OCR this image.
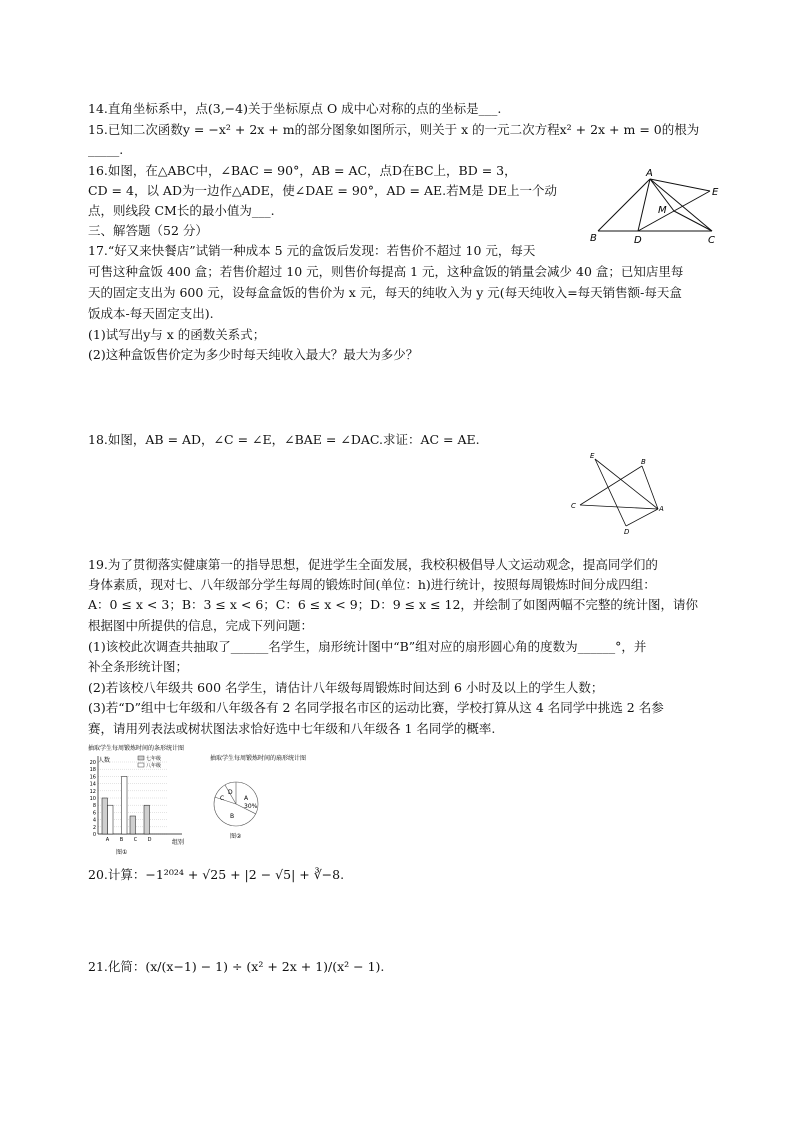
14.直角坐标系中，点(3,−4)关于坐标原点 O 成中心对称的点的坐标是___.
15.已知二次函数y = −x² + 2x + m的部分图象如图所示，则关于 x 的一元二次方程x² + 2x + m = 0的根为
_____.
16.如图，在△ABC中，∠BAC = 90°，AB = AC，点D在BC上，BD = 3，
CD = 4，以 AD为一边作△ADE，使∠DAE = 90°，AD = AE.若M是 DE上一个动
点，则线段 CM长的最小值为___.
A
B	C
D
E
M
三、解答题（52 分）
17.“好又来快餐店”试销一种成本 5 元的盒饭后发现：若售价不超过 10 元，每天
可售这种盒饭 400 盒；若售价超过 10 元，则售价每提高 1 元，这种盒饭的销量会减少 40 盒；已知店里每
天的固定支出为 600 元，设每盒盒饭的售价为 x 元，每天的纯收入为 y 元(每天纯收入=每天销售额-每天盒
饭成本-每天固定支出).
(1)试写出y与 x 的函数关系式；
(2)这种盒饭售价定为多少时每天纯收入最大？最大为多少？
18.如图，AB = AD，∠C = ∠E，∠BAE = ∠DAC.求证：AC = AE.
E
B
C	A
D
19.为了贯彻落实健康第一的指导思想，促进学生全面发展，我校积极倡导人文运动观念，提高同学们的
身体素质，现对七、八年级部分学生每周的锻炼时间(单位：h)进行统计，按照每周锻炼时间分成四组：
A：0 ≤ x < 3；B：3 ≤ x < 6；C：6 ≤ x < 9；D：9 ≤ x ≤ 12，并绘制了如图两幅不完整的统计图，请你
根据图中所提供的信息，完成下列问题：
(1)该校此次调查共抽取了______名学生，扇形统计图中“B”组对应的扇形圆心角的度数为______°，并
补全条形统计图；
(2)若该校八年级共 600 名学生，请估计八年级每周锻炼时间达到 6 小时及以上的学生人数；
(3)若“D”组中七年级和八年级各有 2 名同学报名市区的运动比赛，学校打算从这 4 名同学中挑选 2 名参
赛，请用列表法或树状图法求恰好选中七年级和八年级各 1 名同学的概率.
抽取学生每周锻炼时间的条形统计图
人数
组别
图①
0
2
4
6
8
10
12
14
16
18
20
A B C D
七年级
八年级
抽取学生每周锻炼时间的扇形统计图
D
C	A
30%
B
图②
20.计算：−1²⁰²⁴ + √25 + |2 − √5| + ∛−8.
21.化简：(x/(x−1) − 1) ÷ (x² + 2x + 1)/(x² − 1).
